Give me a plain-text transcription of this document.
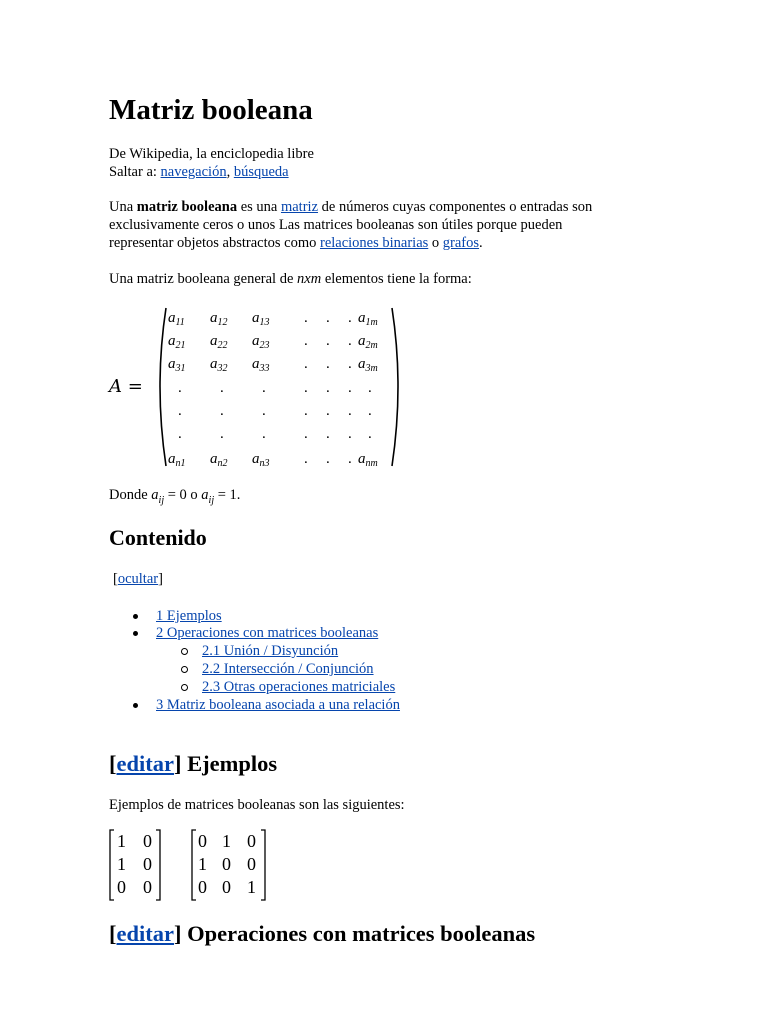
Matriz booleana
De Wikipedia, la enciclopedia libre
Saltar a: navegación, búsqueda
Una matriz booleana es una matriz de números cuyas componentes o entradas son
exclusivamente ceros o unos Las matrices booleanas son útiles porque pueden
representar objetos abstractos como relaciones binarias o grafos.
Una matriz booleana general de nxm elementos tiene la forma:
A =
$a_{11}$ $a_{12}$ $a_{13}$ . . . $a_{1m}$
$a_{21}$ $a_{22}$ $a_{23}$ . . . $a_{2m}$
$a_{31}$ $a_{32}$ $a_{33}$ . . . $a_{3m}$
.	.	.	. . . .
.	.	.	. . . .
.	.	.	. . . .
$a_{n1}$ $a_{n2}$ $a_{n3}$ . . . $a_{nm}$
Donde $a_{ij} = 0$ o $a_{ij} = 1$.
Contenido
[ocultar]
1 Ejemplos
2 Operaciones con matrices booleanas
2.1 Unión / Disyunción
2.2 Intersección / Conjunción
2.3 Otras operaciones matriciales
3 Matriz booleana asociada a una relación
[editar] Ejemplos
Ejemplos de matrices booleanas son las siguientes:
1 0
1 0
0 0
0 1 0
1 0 0
0 0 1
[editar] Operaciones con matrices booleanas
